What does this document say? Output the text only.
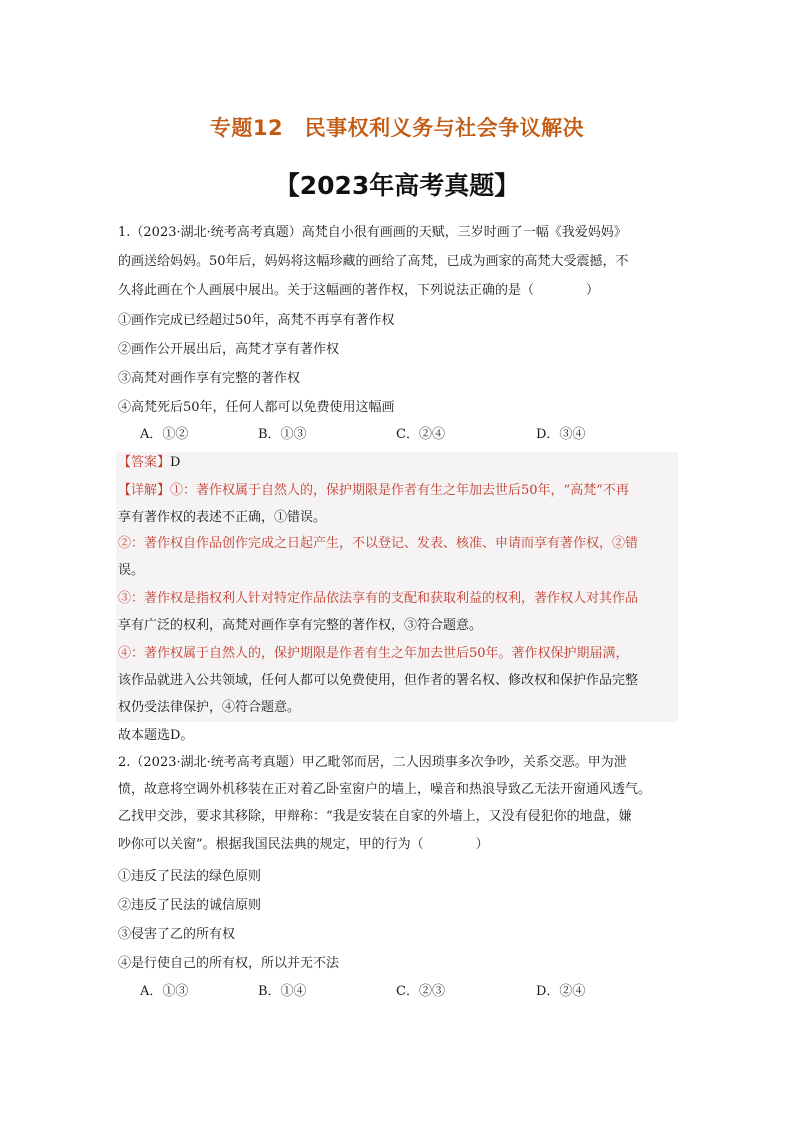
专题12　民事权利义务与社会争议解决
【2023年高考真题】
1.（2023·湖北·统考高考真题）高梵自小很有画画的天赋，三岁时画了一幅《我爱妈妈》
的画送给妈妈。50年后，妈妈将这幅珍藏的画给了高梵，已成为画家的高梵大受震撼，不
久将此画在个人画展中展出。关于这幅画的著作权，下列说法正确的是（　　　　）
①画作完成已经超过50年，高梵不再享有著作权
②画作公开展出后，高梵才享有著作权
③高梵对画作享有完整的著作权
④高梵死后50年，任何人都可以免费使用这幅画
A．①②	B．①③	C．②④	D．③④
【答案】D
【详解】①：著作权属于自然人的，保护期限是作者有生之年加去世后50年，“高梵”不再
享有著作权的表述不正确，①错误。
②：著作权自作品创作完成之日起产生，不以登记、发表、核准、申请而享有著作权，②错
误。
③：著作权是指权利人针对特定作品依法享有的支配和获取利益的权利，著作权人对其作品
享有广泛的权利，高梵对画作享有完整的著作权，③符合题意。
④：著作权属于自然人的，保护期限是作者有生之年加去世后50年。著作权保护期届满，
该作品就进入公共领域，任何人都可以免费使用，但作者的署名权、修改权和保护作品完整
权仍受法律保护，④符合题意。
故本题选D。
2.（2023·湖北·统考高考真题）甲乙毗邻而居，二人因琐事多次争吵，关系交恶。甲为泄
愤，故意将空调外机移装在正对着乙卧室窗户的墙上，噪音和热浪导致乙无法开窗通风透气。
乙找甲交涉，要求其移除，甲辩称：“我是安装在自家的外墙上，又没有侵犯你的地盘，嫌
吵你可以关窗”。根据我国民法典的规定，甲的行为（　　　　）
①违反了民法的绿色原则
②违反了民法的诚信原则
③侵害了乙的所有权
④是行使自己的所有权，所以并无不法
A．①③	B．①④	C．②③	D．②④
